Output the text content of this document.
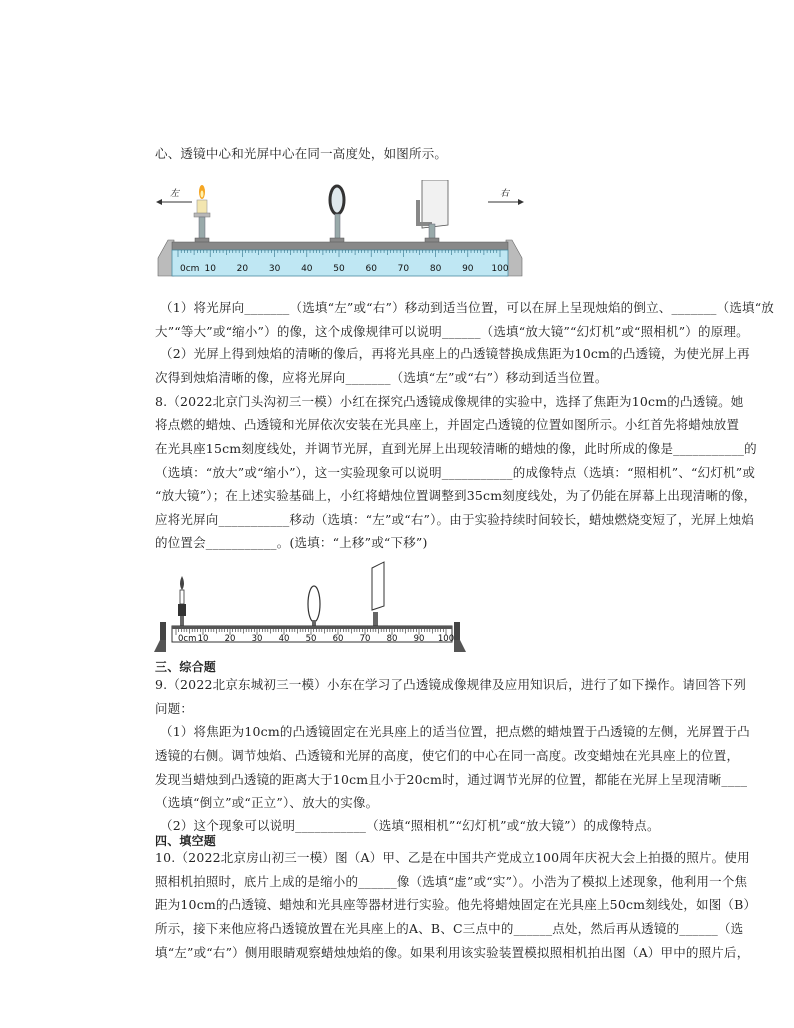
心、透镜中心和光屏中心在同一高度处，如图所示。
左	右
0cm 10 20 30 40 50 60 70 80 90 100
（1）将光屏向_______（选填“左”或“右”）移动到适当位置，可以在屏上呈现烛焰的倒立、_______（选填“放
大”“等大”或“缩小”）的像，这个成像规律可以说明______（选填“放大镜”“幻灯机”或“照相机”）的原理。
（2）光屏上得到烛焰的清晰的像后，再将光具座上的凸透镜替换成焦距为10cm的凸透镜，为使光屏上再
次得到烛焰清晰的像，应将光屏向_______（选填“左”或“右”）移动到适当位置。
8.（2022北京门头沟初三一模）小红在探究凸透镜成像规律的实验中，选择了焦距为10cm的凸透镜。她
将点燃的蜡烛、凸透镜和光屏依次安装在光具座上，并固定凸透镜的位置如图所示。小红首先将蜡烛放置
在光具座15cm刻度线处，并调节光屏，直到光屏上出现较清晰的蜡烛的像，此时所成的像是___________的
（选填：“放大”或“缩小”），这一实验现象可以说明___________的成像特点（选填：“照相机”、“幻灯机”或
“放大镜”）；在上述实验基础上，小红将蜡烛位置调整到35cm刻度线处，为了仍能在屏幕上出现清晰的像，
应将光屏向___________移动（选填：“左”或“右”）。由于实验持续时间较长，蜡烛燃烧变短了，光屏上烛焰
的位置会___________。(选填：“上移”或“下移”)
0cm 10 20 30 40 50 60 70 80 90 100
三、综合题
9.（2022北京东城初三一模）小东在学习了凸透镜成像规律及应用知识后，进行了如下操作。请回答下列
问题：
（1）将焦距为10cm的凸透镜固定在光具座上的适当位置，把点燃的蜡烛置于凸透镜的左侧，光屏置于凸
透镜的右侧。调节烛焰、凸透镜和光屏的高度，使它们的中心在同一高度。改变蜡烛在光具座上的位置，
发现当蜡烛到凸透镜的距离大于10cm且小于20cm时，通过调节光屏的位置，都能在光屏上呈现清晰____
（选填“倒立”或“正立”）、放大的实像。
（2）这个现象可以说明___________（选填“照相机”“幻灯机”或“放大镜”）的成像特点。
四、填空题
10.（2022北京房山初三一模）图（A）甲、乙是在中国共产党成立100周年庆祝大会上拍摄的照片。使用
照相机拍照时，底片上成的是缩小的______像（选填“虚”或“实”）。小浩为了模拟上述现象，他利用一个焦
距为10cm的凸透镜、蜡烛和光具座等器材进行实验。他先将蜡烛固定在光具座上50cm刻线处，如图（B）
所示，接下来他应将凸透镜放置在光具座上的A、B、C三点中的______点处，然后再从透镜的______（选
填“左”或“右”）侧用眼睛观察蜡烛烛焰的像。如果利用该实验装置模拟照相机拍出图（A）甲中的照片后，
